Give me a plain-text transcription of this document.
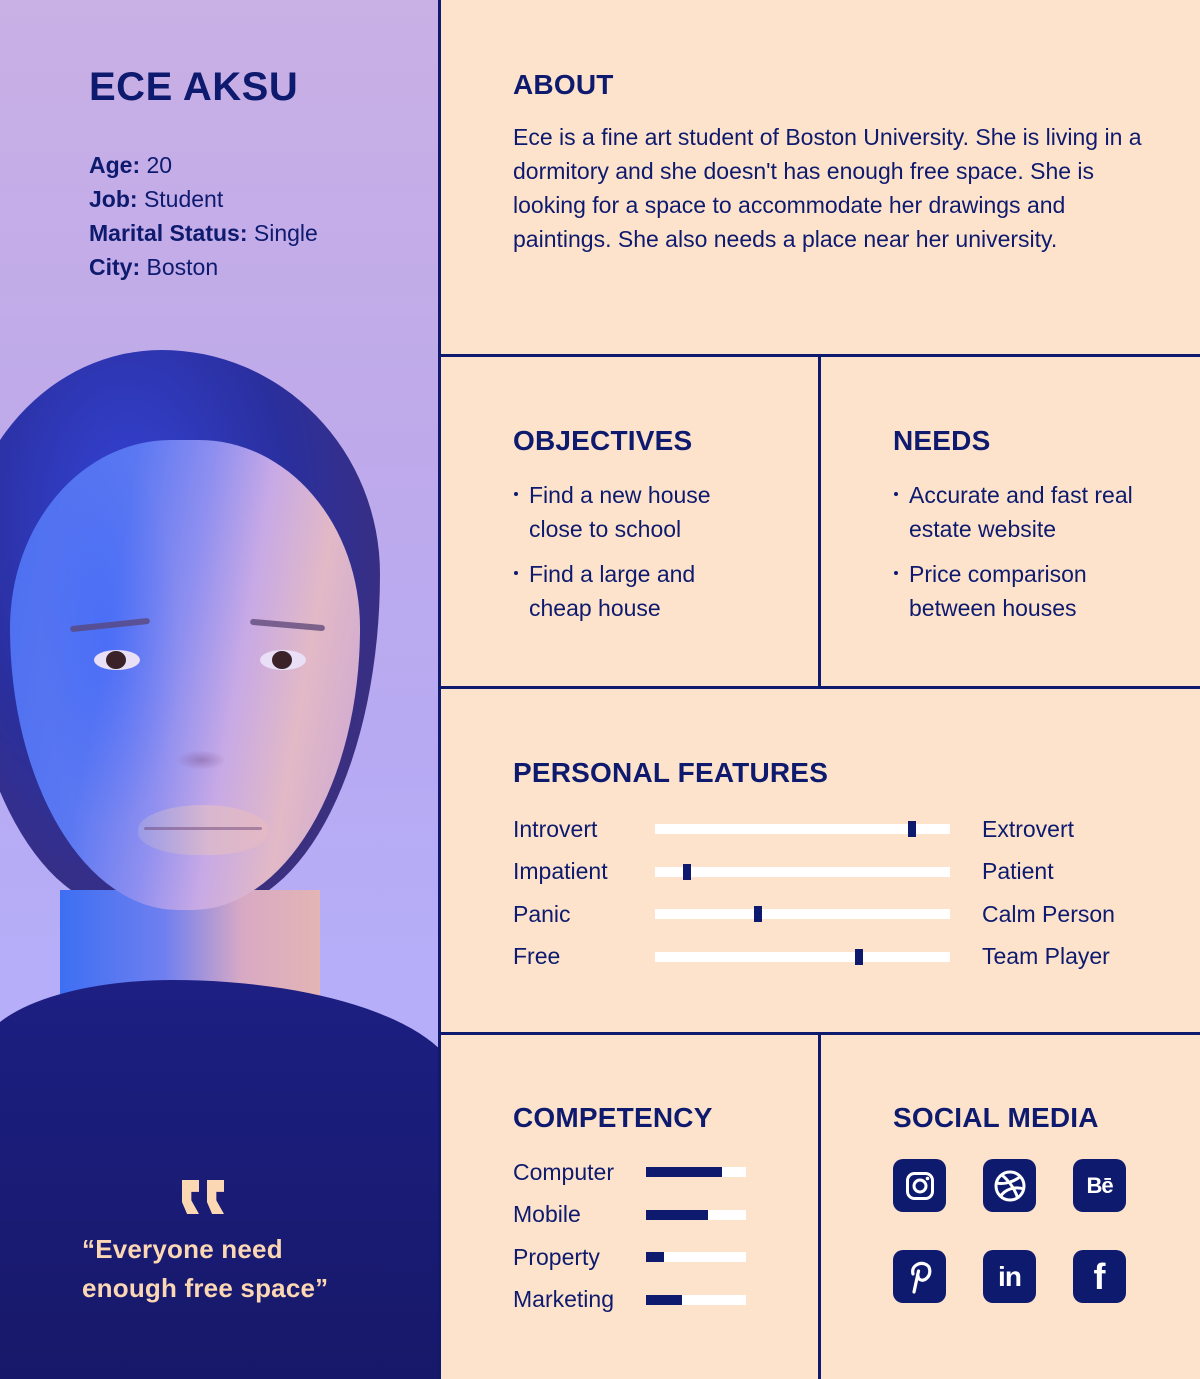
ECE AKSU
Age: 20
Job: Student
Marital Status: Single
City: Boston
“Everyone need
enough free space”
ABOUT
Ece is a fine art student of Boston University. She is living in a dormitory and she doesn't has enough free space. She is looking for a space to accommodate her drawings and paintings. She also needs a place near her university.
OBJECTIVES
Find a new house close to school
Find a large and cheap house
NEEDS
Accurate and fast real estate website
Price comparison between houses
PERSONAL FEATURES
Introvert	Extrovert
Impatient	Patient
Panic	Calm Person
Free	Team Player
COMPETENCY
Computer
Mobile
Property
Marketing
SOCIAL MEDIA
Bē
in f
